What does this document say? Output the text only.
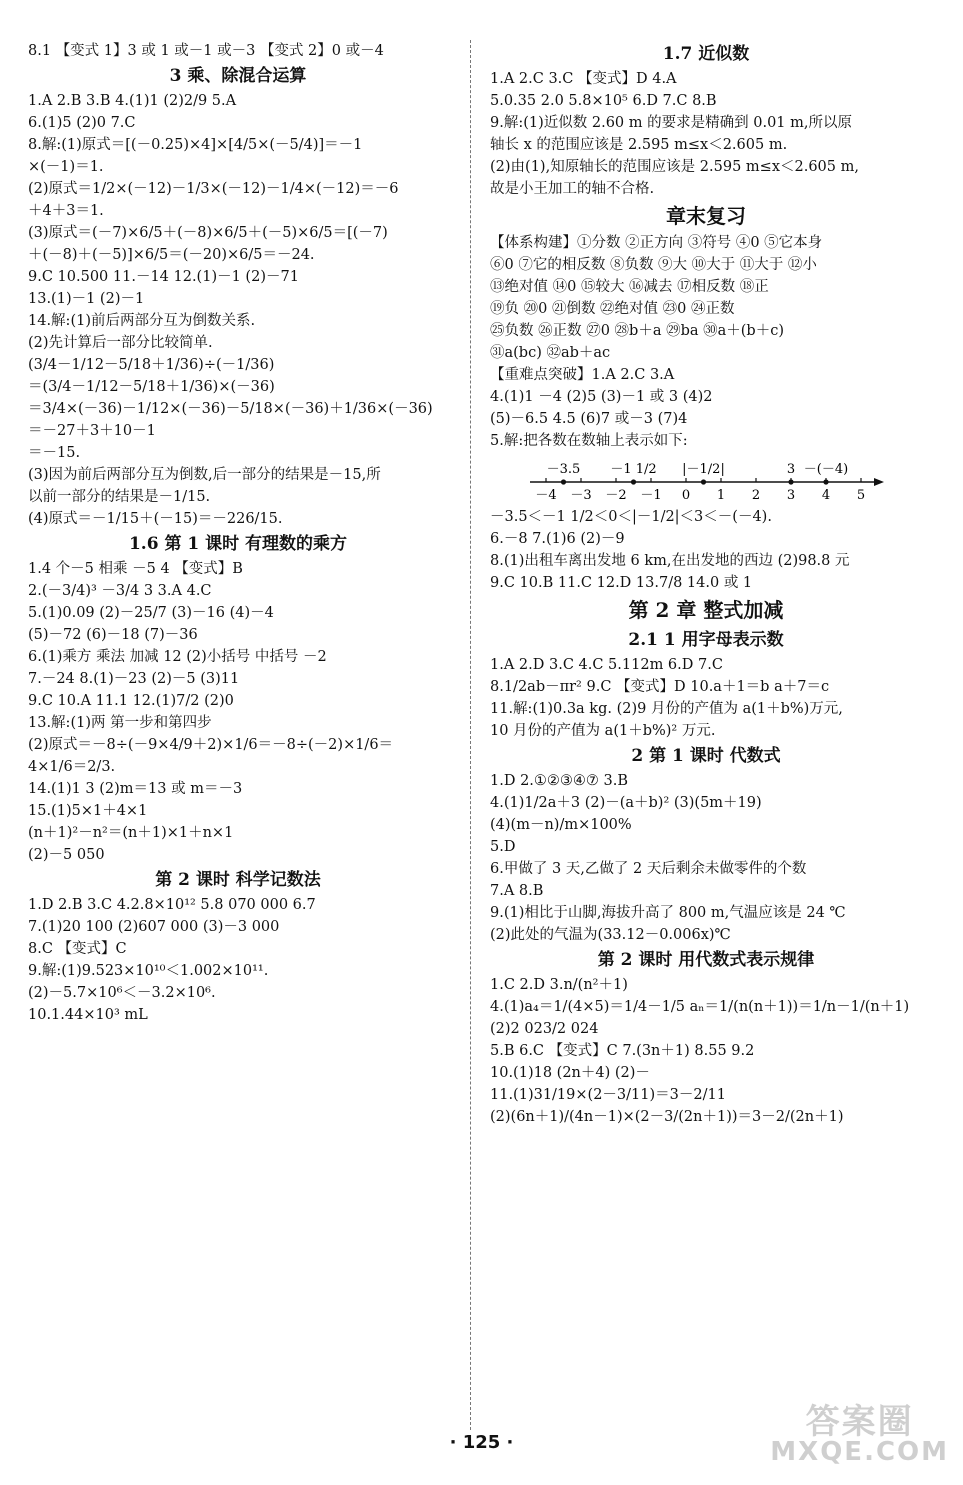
8.1 【变式 1】3 或 1 或－1 或－3 【变式 2】0 或－4
3 乘、除混合运算
1.A 2.B 3.B 4.(1)1 (2)2/9 5.A
6.(1)5 (2)0 7.C
8.解:(1)原式＝[(－0.25)×4]×[4/5×(－5/4)]＝－1
×(－1)＝1.
(2)原式＝1/2×(－12)－1/3×(－12)－1/4×(－12)＝－6
＋4＋3＝1.
(3)原式＝(－7)×6/5＋(－8)×6/5＋(－5)×6/5＝[(－7)
＋(－8)＋(－5)]×6/5＝(－20)×6/5＝－24.
9.C 10.500 11.－14 12.(1)－1 (2)－71
13.(1)－1 (2)－1
14.解:(1)前后两部分互为倒数关系.
(2)先计算后一部分比较简单.
(3/4－1/12－5/18＋1/36)÷(－1/36)
＝(3/4－1/12－5/18＋1/36)×(－36)
＝3/4×(－36)－1/12×(－36)－5/18×(－36)＋1/36×(－36)
＝－27＋3＋10－1
＝－15.
(3)因为前后两部分互为倒数,后一部分的结果是－15,所
以前一部分的结果是－1/15.
(4)原式＝－1/15＋(－15)＝－226/15.
1.6 第 1 课时 有理数的乘方
1.4 个－5 相乘 －5 4 【变式】B
2.(－3/4)³ －3/4 3 3.A 4.C
5.(1)0.09 (2)－25/7 (3)－16 (4)－4
(5)－72 (6)－18 (7)－36
6.(1)乘方 乘法 加减 12 (2)小括号 中括号 －2
7.－24 8.(1)－23 (2)－5 (3)11
9.C 10.A 11.1 12.(1)7/2 (2)0
13.解:(1)两 第一步和第四步
(2)原式＝－8÷(－9×4/9＋2)×1/6＝－8÷(－2)×1/6＝
4×1/6＝2/3.
14.(1)1 3 (2)m＝13 或 m＝－3
15.(1)5×1＋4×1
(n＋1)²－n²＝(n＋1)×1＋n×1
(2)－5 050
第 2 课时 科学记数法
1.D 2.B 3.C 4.2.8×10¹² 5.8 070 000 6.7
7.(1)20 100 (2)607 000 (3)－3 000
8.C 【变式】C
9.解:(1)9.523×10¹⁰＜1.002×10¹¹.
(2)－5.7×10⁶＜－3.2×10⁶.
10.1.44×10³ mL
1.7 近似数
1.A 2.C 3.C 【变式】D 4.A
5.0.35 2.0 5.8×10⁵ 6.D 7.C 8.B
9.解:(1)近似数 2.60 m 的要求是精确到 0.01 m,所以原
轴长 x 的范围应该是 2.595 m≤x＜2.605 m.
(2)由(1),知原轴长的范围应该是 2.595 m≤x＜2.605 m,
故是小王加工的轴不合格.
章末复习
【体系构建】①分数 ②正方向 ③符号 ④0 ⑤它本身
⑥0 ⑦它的相反数 ⑧负数 ⑨大 ⑩大于 ⑪大于 ⑫小
⑬绝对值 ⑭0 ⑮较大 ⑯减去 ⑰相反数 ⑱正
⑲负 ⑳0 ㉑倒数 ㉒绝对值 ㉓0 ㉔正数
㉕负数 ㉖正数 ㉗0 ㉘b＋a ㉙ba ㉚a＋(b＋c)
㉛a(bc) ㉜ab＋ac
【重难点突破】1.A 2.C 3.A
4.(1)1 －4 (2)5 (3)－1 或 3 (4)2
(5)－6.5 4.5 (6)7 或－3 (7)4
5.解:把各数在数轴上表示如下:
－4 －3 －2 －1 0 1 2 3 4 5
－3.5 －1 1/2 |－1/2|	3 －(－4)
－3.5＜－1 1/2＜0＜|－1/2|＜3＜－(－4).
6.－8 7.(1)6 (2)－9
8.(1)出租车离出发地 6 km,在出发地的西边 (2)98.8 元
9.C 10.B 11.C 12.D 13.7/8 14.0 或 1
第 2 章 整式加减
2.1 1 用字母表示数
1.A 2.D 3.C 4.C 5.112m 6.D 7.C
8.1/2ab－πr² 9.C 【变式】D 10.a＋1＝b a＋7＝c
11.解:(1)0.3a kg. (2)9 月份的产值为 a(1＋b%)万元,
10 月份的产值为 a(1＋b%)² 万元.
2 第 1 课时 代数式
1.D 2.①②③④⑦ 3.B
4.(1)1/2a＋3 (2)－(a＋b)² (3)(5m＋19)
(4)(m－n)/m×100%
5.D
6.甲做了 3 天,乙做了 2 天后剩余未做零件的个数
7.A 8.B
9.(1)相比于山脚,海拔升高了 800 m,气温应该是 24 ℃
(2)此处的气温为(33.12－0.006x)℃
第 2 课时 用代数式表示规律
1.C 2.D 3.n/(n²＋1)
4.(1)a₄＝1/(4×5)＝1/4－1/5 aₙ＝1/(n(n＋1))＝1/n－1/(n＋1)
(2)2 023/2 024
5.B 6.C 【变式】C 7.(3n＋1) 8.55 9.2
10.(1)18 (2n＋4) (2)－
11.(1)31/19×(2－3/11)＝3－2/11
(2)(6n＋1)/(4n－1)×(2－3/(2n＋1))＝3－2/(2n＋1)
· 125 ·
答案圈
MXQE.COM
